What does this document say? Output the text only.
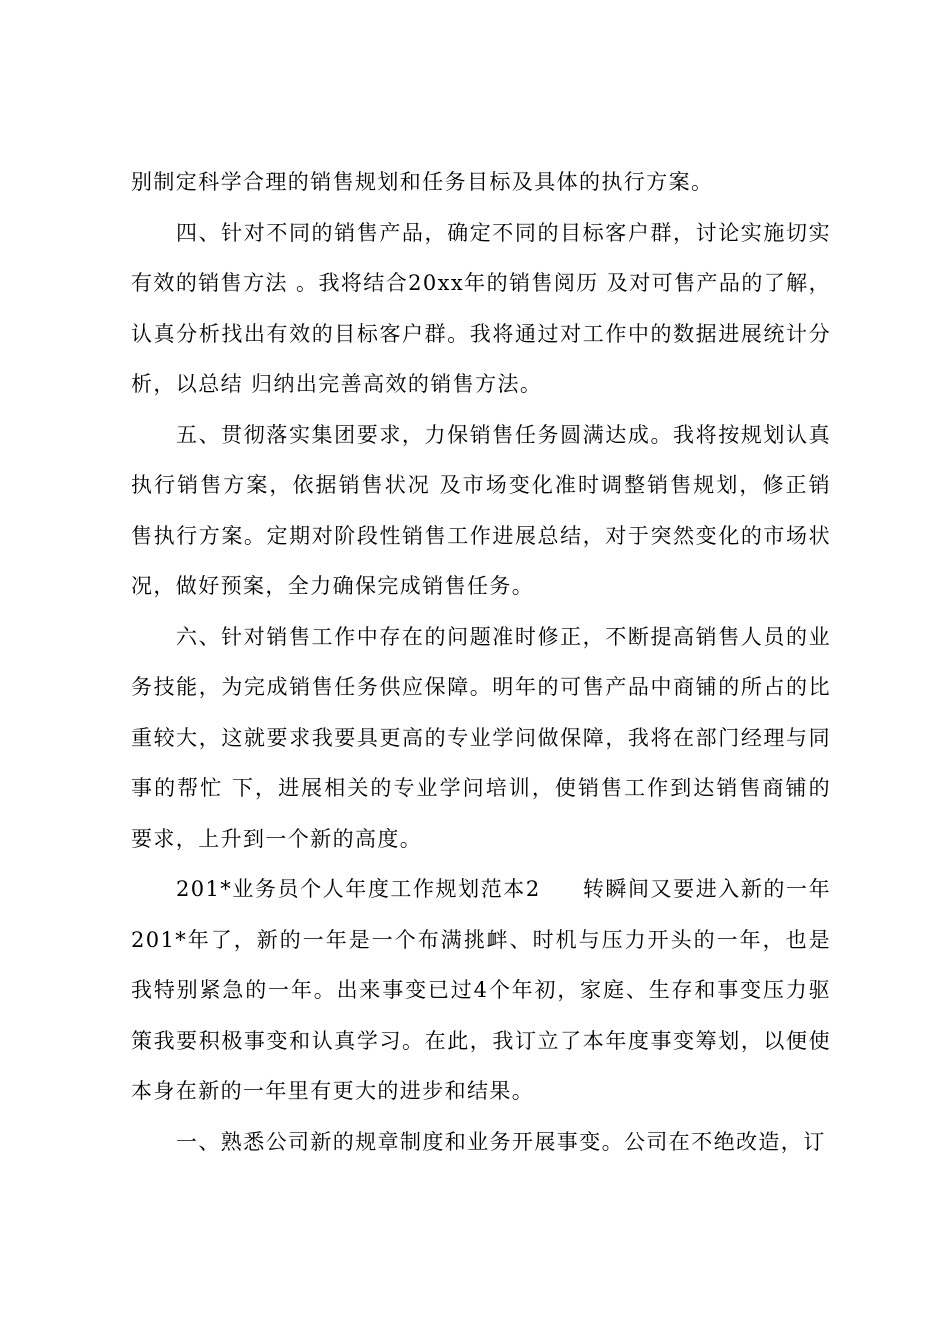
别制定科学合理的销售规划和任务目标及具体的执行方案。

四、针对不同的销售产品，确定不同的目标客户群，讨论实施切实有效的销售方法 。我将结合20xx年的销售阅历 及对可售产品的了解，认真分析找出有效的目标客户群。我将通过对工作中的数据进展统计分析，以总结 归纳出完善高效的销售方法。

五、贯彻落实集团要求，力保销售任务圆满达成。我将按规划认真执行销售方案，依据销售状况 及市场变化准时调整销售规划，修正销售执行方案。定期对阶段性销售工作进展总结，对于突然变化的市场状况，做好预案，全力确保完成销售任务。

六、针对销售工作中存在的问题准时修正，不断提高销售人员的业务技能，为完成销售任务供应保障。明年的可售产品中商铺的所占的比重较大，这就要求我要具更高的专业学问做保障，我将在部门经理与同事的帮忙 下，进展相关的专业学问培训，使销售工作到达销售商铺的要求，上升到一个新的高度。

201*业务员个人年度工作规划范本2 转瞬间又要进入新的一年201*年了，新的一年是一个布满挑衅、时机与压力开头的一年，也是我特别紧急的一年。出来事变已过4个年初，家庭、生存和事变压力驱策我要积极事变和认真学习。在此，我订立了本年度事变筹划，以便使本身在新的一年里有更大的进步和结果。

一、熟悉公司新的规章制度和业务开展事变。公司在不绝改造，订
